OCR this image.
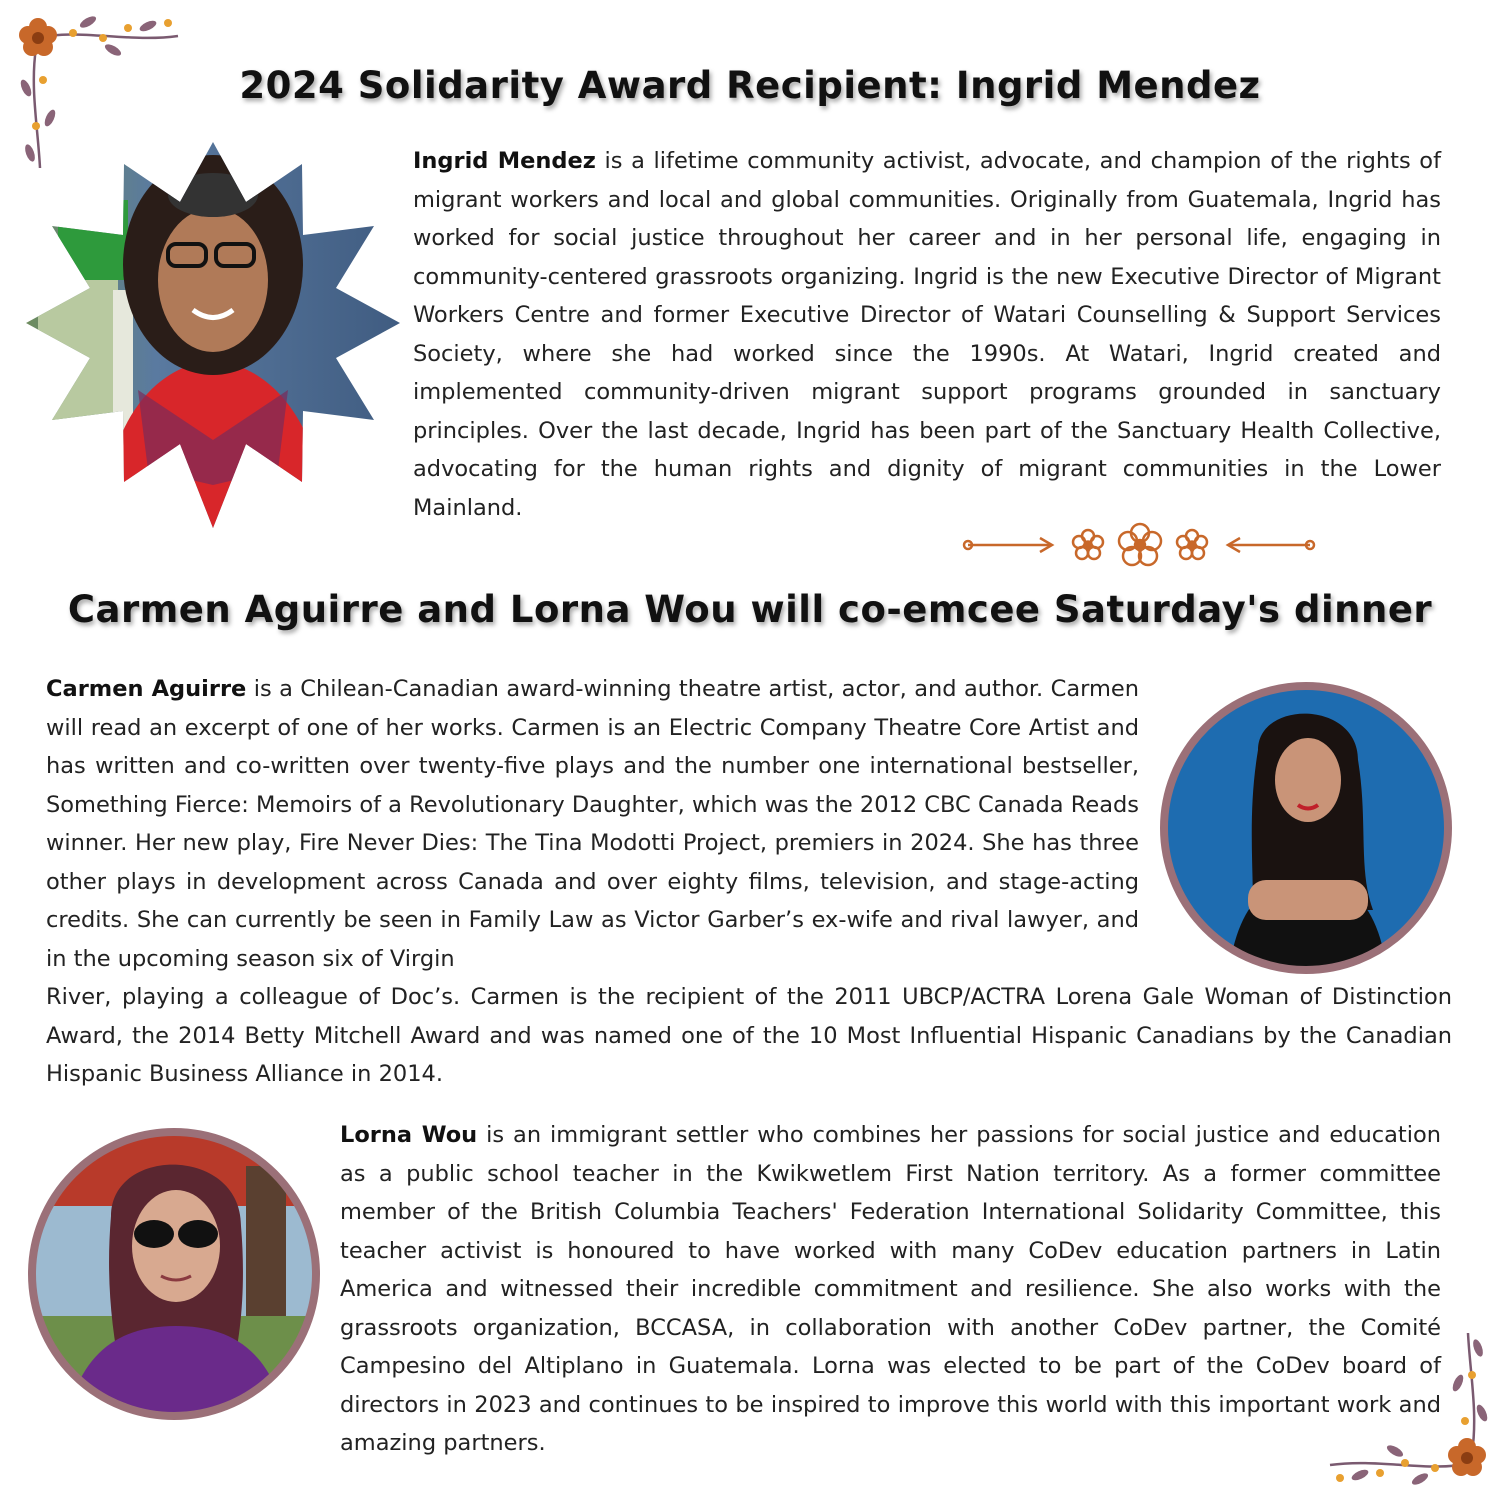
2024 Solidarity Award Recipient: Ingrid Mendez

Ingrid Mendez is a lifetime community activist, advocate, and champion of the rights of migrant workers and local and global communities. Originally from Guatemala, Ingrid has worked for social justice throughout her career and in her personal life, engaging in community-centered grassroots organizing. Ingrid is the new Executive Director of Migrant Workers Centre and former Executive Director of Watari Counselling & Support Services Society, where she had worked since the 1990s. At Watari, Ingrid created and implemented community-driven migrant support programs grounded in sanctuary principles. Over the last decade, Ingrid has been part of the Sanctuary Health Collective, advocating for the human rights and dignity of migrant communities in the Lower Mainland.

Carmen Aguirre and Lorna Wou will co-emcee Saturday's dinner

Carmen Aguirre is a Chilean-Canadian award-winning theatre artist, actor, and author. Carmen will read an excerpt of one of her works. Carmen is an Electric Company Theatre Core Artist and has written and co-written over twenty-five plays and the number one international bestseller, Something Fierce: Memoirs of a Revolutionary Daughter, which was the 2012 CBC Canada Reads winner. Her new play, Fire Never Dies: The Tina Modotti Project, premiers in 2024. She has three other plays in development across Canada and over eighty films, television, and stage-acting credits. She can currently be seen in Family Law as Victor Garber’s ex-wife and rival lawyer, and in the upcoming season six of Virgin

River, playing a colleague of Doc’s. Carmen is the recipient of the 2011 UBCP/ACTRA Lorena Gale Woman of Distinction Award, the 2014 Betty Mitchell Award and was named one of the 10 Most Influential Hispanic Canadians by the Canadian Hispanic Business Alliance in 2014.

Lorna Wou is an immigrant settler who combines her passions for social justice and education as a public school teacher in the Kwikwetlem First Nation territory. As a former committee member of the British Columbia Teachers' Federation International Solidarity Committee, this teacher activist is honoured to have worked with many CoDev education partners in Latin America and witnessed their incredible commitment and resilience. She also works with the grassroots organization, BCCASA, in collaboration with another CoDev partner, the Comité Campesino del Altiplano in Guatemala. Lorna was elected to be part of the CoDev board of directors in 2023 and continues to be inspired to improve this world with this important work and amazing partners.
